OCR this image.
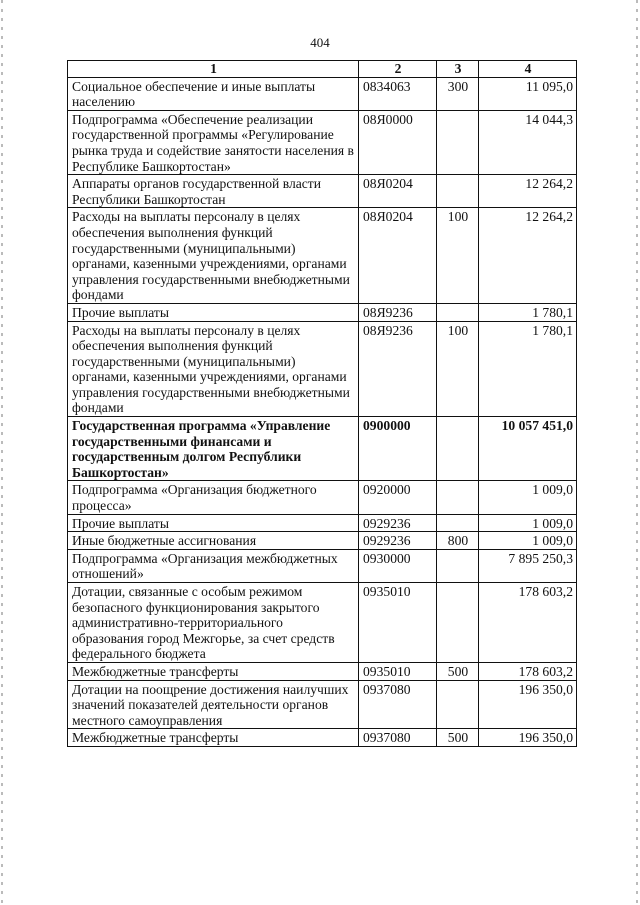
404
1	2	3	4
Социальное обеспечение и иные выплаты населению	0834063	300	11 095,0
Подпрограмма «Обеспечение реализации государственной программы «Регулирование рынка труда и содействие занятости населения в Республике Башкортостан»	08Я0000		14 044,3
Аппараты органов государственной власти Республики Башкортостан	08Я0204		12 264,2
Расходы на выплаты персоналу в целях обеспечения выполнения функций государственными (муниципальными) органами, казенными учреждениями, органами управления государственными внебюджетными фондами	08Я0204	100	12 264,2
Прочие выплаты	08Я9236		1 780,1
Расходы на выплаты персоналу в целях обеспечения выполнения функций государственными (муниципальными) органами, казенными учреждениями, органами управления государственными внебюджетными фондами	08Я9236	100	1 780,1
Государственная программа «Управление государственными финансами и государственным долгом Республики Башкортостан»	0900000		10 057 451,0
Подпрограмма «Организация бюджетного процесса»	0920000		1 009,0
Прочие выплаты	0929236		1 009,0
Иные бюджетные ассигнования	0929236	800	1 009,0
Подпрограмма «Организация межбюджетных отношений»	0930000		7 895 250,3
Дотации, связанные с особым режимом безопасного функционирования закрытого административно-территориального образования город Межгорье, за счет средств федерального бюджета	0935010		178 603,2
Межбюджетные трансферты	0935010	500	178 603,2
Дотации на поощрение достижения наилучших значений показателей деятельности органов местного самоуправления	0937080		196 350,0
Межбюджетные трансферты	0937080	500	196 350,0
